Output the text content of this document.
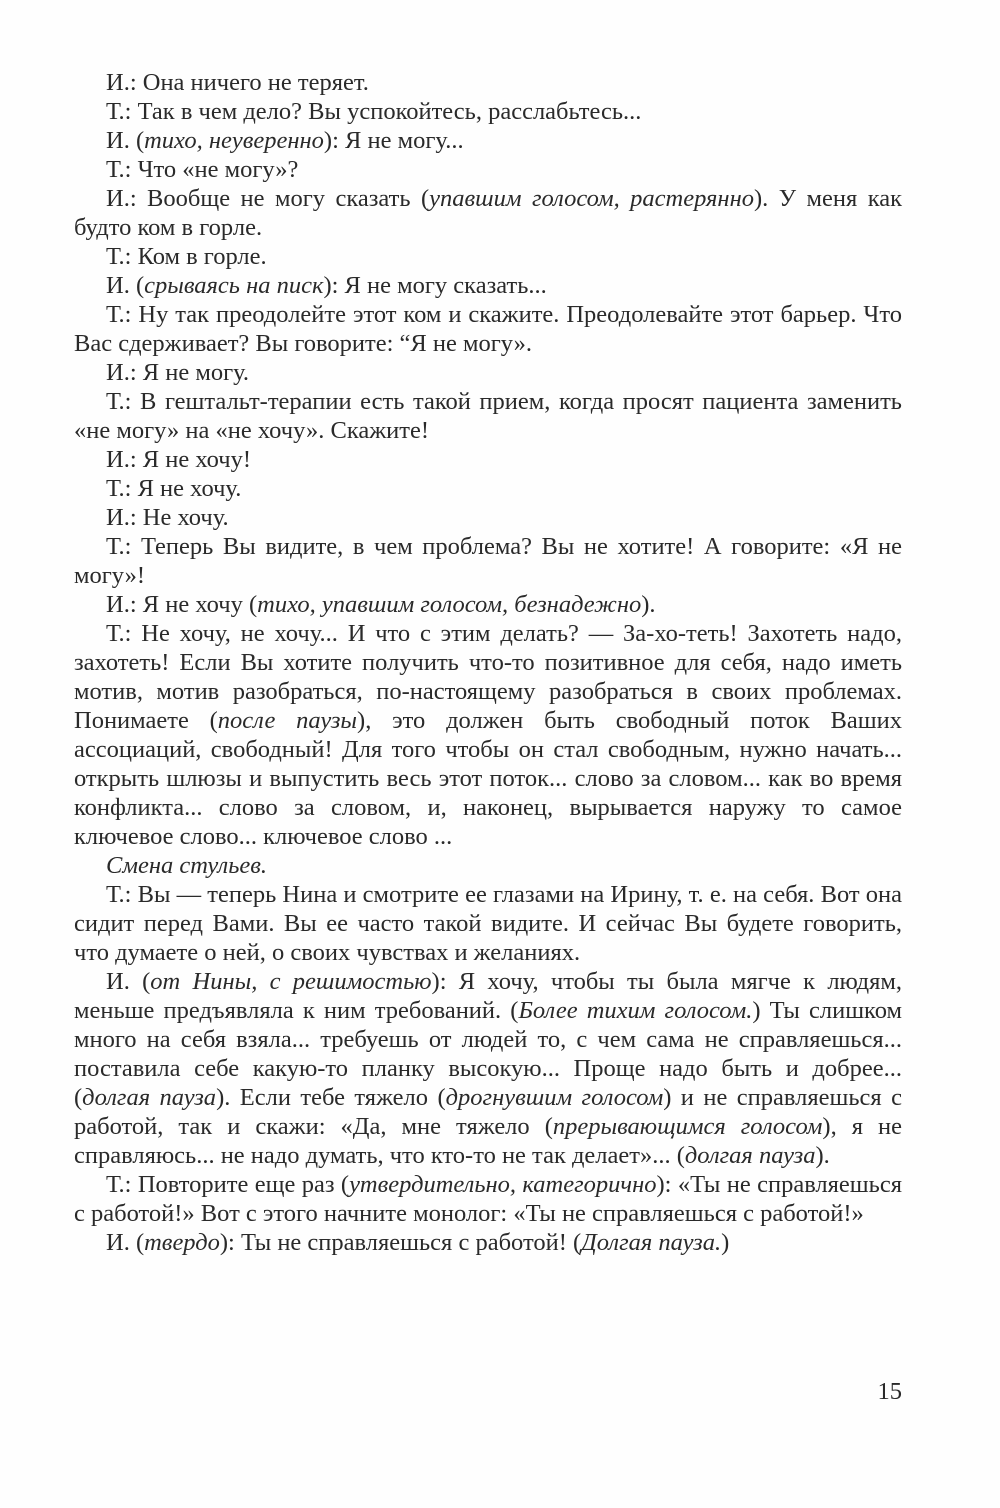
И.: Она ничего не теряет.

Т.: Так в чем дело? Вы успокойтесь, расслабьтесь...

И. (тихо, неуверенно): Я не могу...

Т.: Что «не могу»?

И.: Вообще не могу сказать (упавшим голосом, растерянно). У меня как будто ком в горле.

Т.: Ком в горле.

И. (срываясь на писк): Я не могу сказать...

Т.: Ну так преодолейте этот ком и скажите. Преодолевайте этот барьер. Что Вас сдерживает? Вы говорите: “Я не могу».

И.: Я не могу.

Т.: В гештальт-терапии есть такой прием, когда просят пациента заменить «не могу» на «не хочу». Скажите!

И.: Я не хочу!

Т.: Я не хочу.

И.: Не хочу.

Т.: Теперь Вы видите, в чем проблема? Вы не хотите! А говорите: «Я не могу»!

И.: Я не хочу (тихо, упавшим голосом, безнадежно).

Т.: Не хочу, не хочу... И что с этим делать? — За-хо-теть! Захотеть надо, захотеть! Если Вы хотите получить что-то позитивное для себя, надо иметь мотив, мотив разобраться, по-настоящему разобраться в своих проблемах. Понимаете (после паузы), это должен быть свободный поток Ваших ассоциаций, свободный! Для того чтобы он стал свободным, нужно начать... открыть шлюзы и выпустить весь этот поток... слово за словом... как во время конфликта... слово за словом, и, наконец, вырывается наружу то самое ключевое слово... ключевое слово ...

Смена стульев.

Т.: Вы — теперь Нина и смотрите ее глазами на Ирину, т. е. на себя. Вот она сидит перед Вами. Вы ее часто такой видите. И сейчас Вы будете говорить, что думаете о ней, о своих чувствах и желаниях.

И. (от Нины, с решимостью): Я хочу, чтобы ты была мягче к людям, меньше предъявляла к ним требований. (Более тихим голосом.) Ты слишком много на себя взяла... требуешь от людей то, с чем сама не справляешься... поставила себе какую-то планку высокую... Проще надо быть и добрее... (долгая пауза). Если тебе тяжело (дрогнувшим голосом) и не справляешься с работой, так и скажи: «Да, мне тяжело (прерывающимся голосом), я не справляюсь... не надо думать, что кто-то не так делает»... (долгая пауза).

Т.: Повторите еще раз (утвердительно, категорично): «Ты не справляешься с работой!» Вот с этого начните монолог: «Ты не справляешься с работой!»

И. (твердо): Ты не справляешься с работой! (Долгая пауза.)

15
